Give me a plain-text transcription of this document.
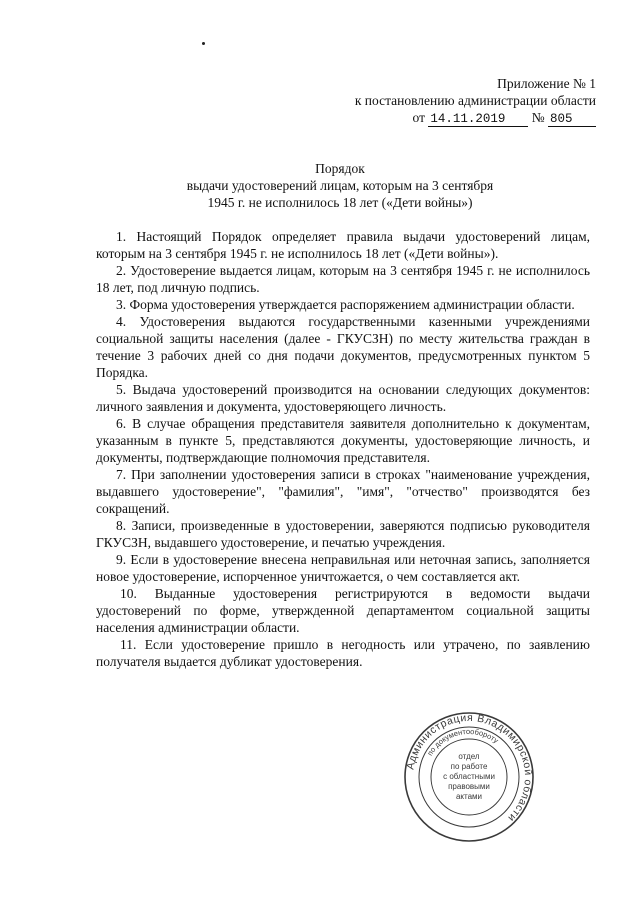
Приложение № 1
к постановлению администрации области
от 14.11.2019 № 805
Порядок
выдачи удостоверений лицам, которым на 3 сентября
1945 г. не исполнилось 18 лет («Дети войны»)

1. Настоящий Порядок определяет правила выдачи удостоверений лицам, которым на 3 сентября 1945 г. не исполнилось 18 лет («Дети войны»).

2. Удостоверение выдается лицам, которым на 3 сентября 1945 г. не исполнилось 18 лет, под личную подпись.

3. Форма удостоверения утверждается распоряжением администрации области.

4. Удостоверения выдаются государственными казенными учреждениями социальной защиты населения (далее - ГКУСЗН) по месту жительства граждан в течение 3 рабочих дней со дня подачи документов, предусмотренных пунктом 5 Порядка.

5. Выдача удостоверений производится на основании следующих документов: личного заявления и документа, удостоверяющего личность.

6. В случае обращения представителя заявителя дополнительно к документам, указанным в пункте 5, представляются документы, удостоверяющие личность, и документы, подтверждающие полномочия представителя.

7. При заполнении удостоверения записи в строках "наименование учреждения, выдавшего удостоверение", "фамилия", "имя", "отчество" производятся без сокращений.

8. Записи, произведенные в удостоверении, заверяются подписью руководителя ГКУСЗН, выдавшего удостоверение, и печатью учреждения.

9. Если в удостоверение внесена неправильная или неточная запись, заполняется новое удостоверение, испорченное уничтожается, о чем составляется акт.

10. Выданные удостоверения регистрируются в ведомости выдачи удостоверений по форме, утвержденной департаментом социальной защиты населения администрации области.

11. Если удостоверение пришло в негодность или утрачено, по заявлению получателя выдается дубликат удостоверения.

Администрация Владимирской области
по документообороту
отдел
по работе
с областными
правовыми
актами
